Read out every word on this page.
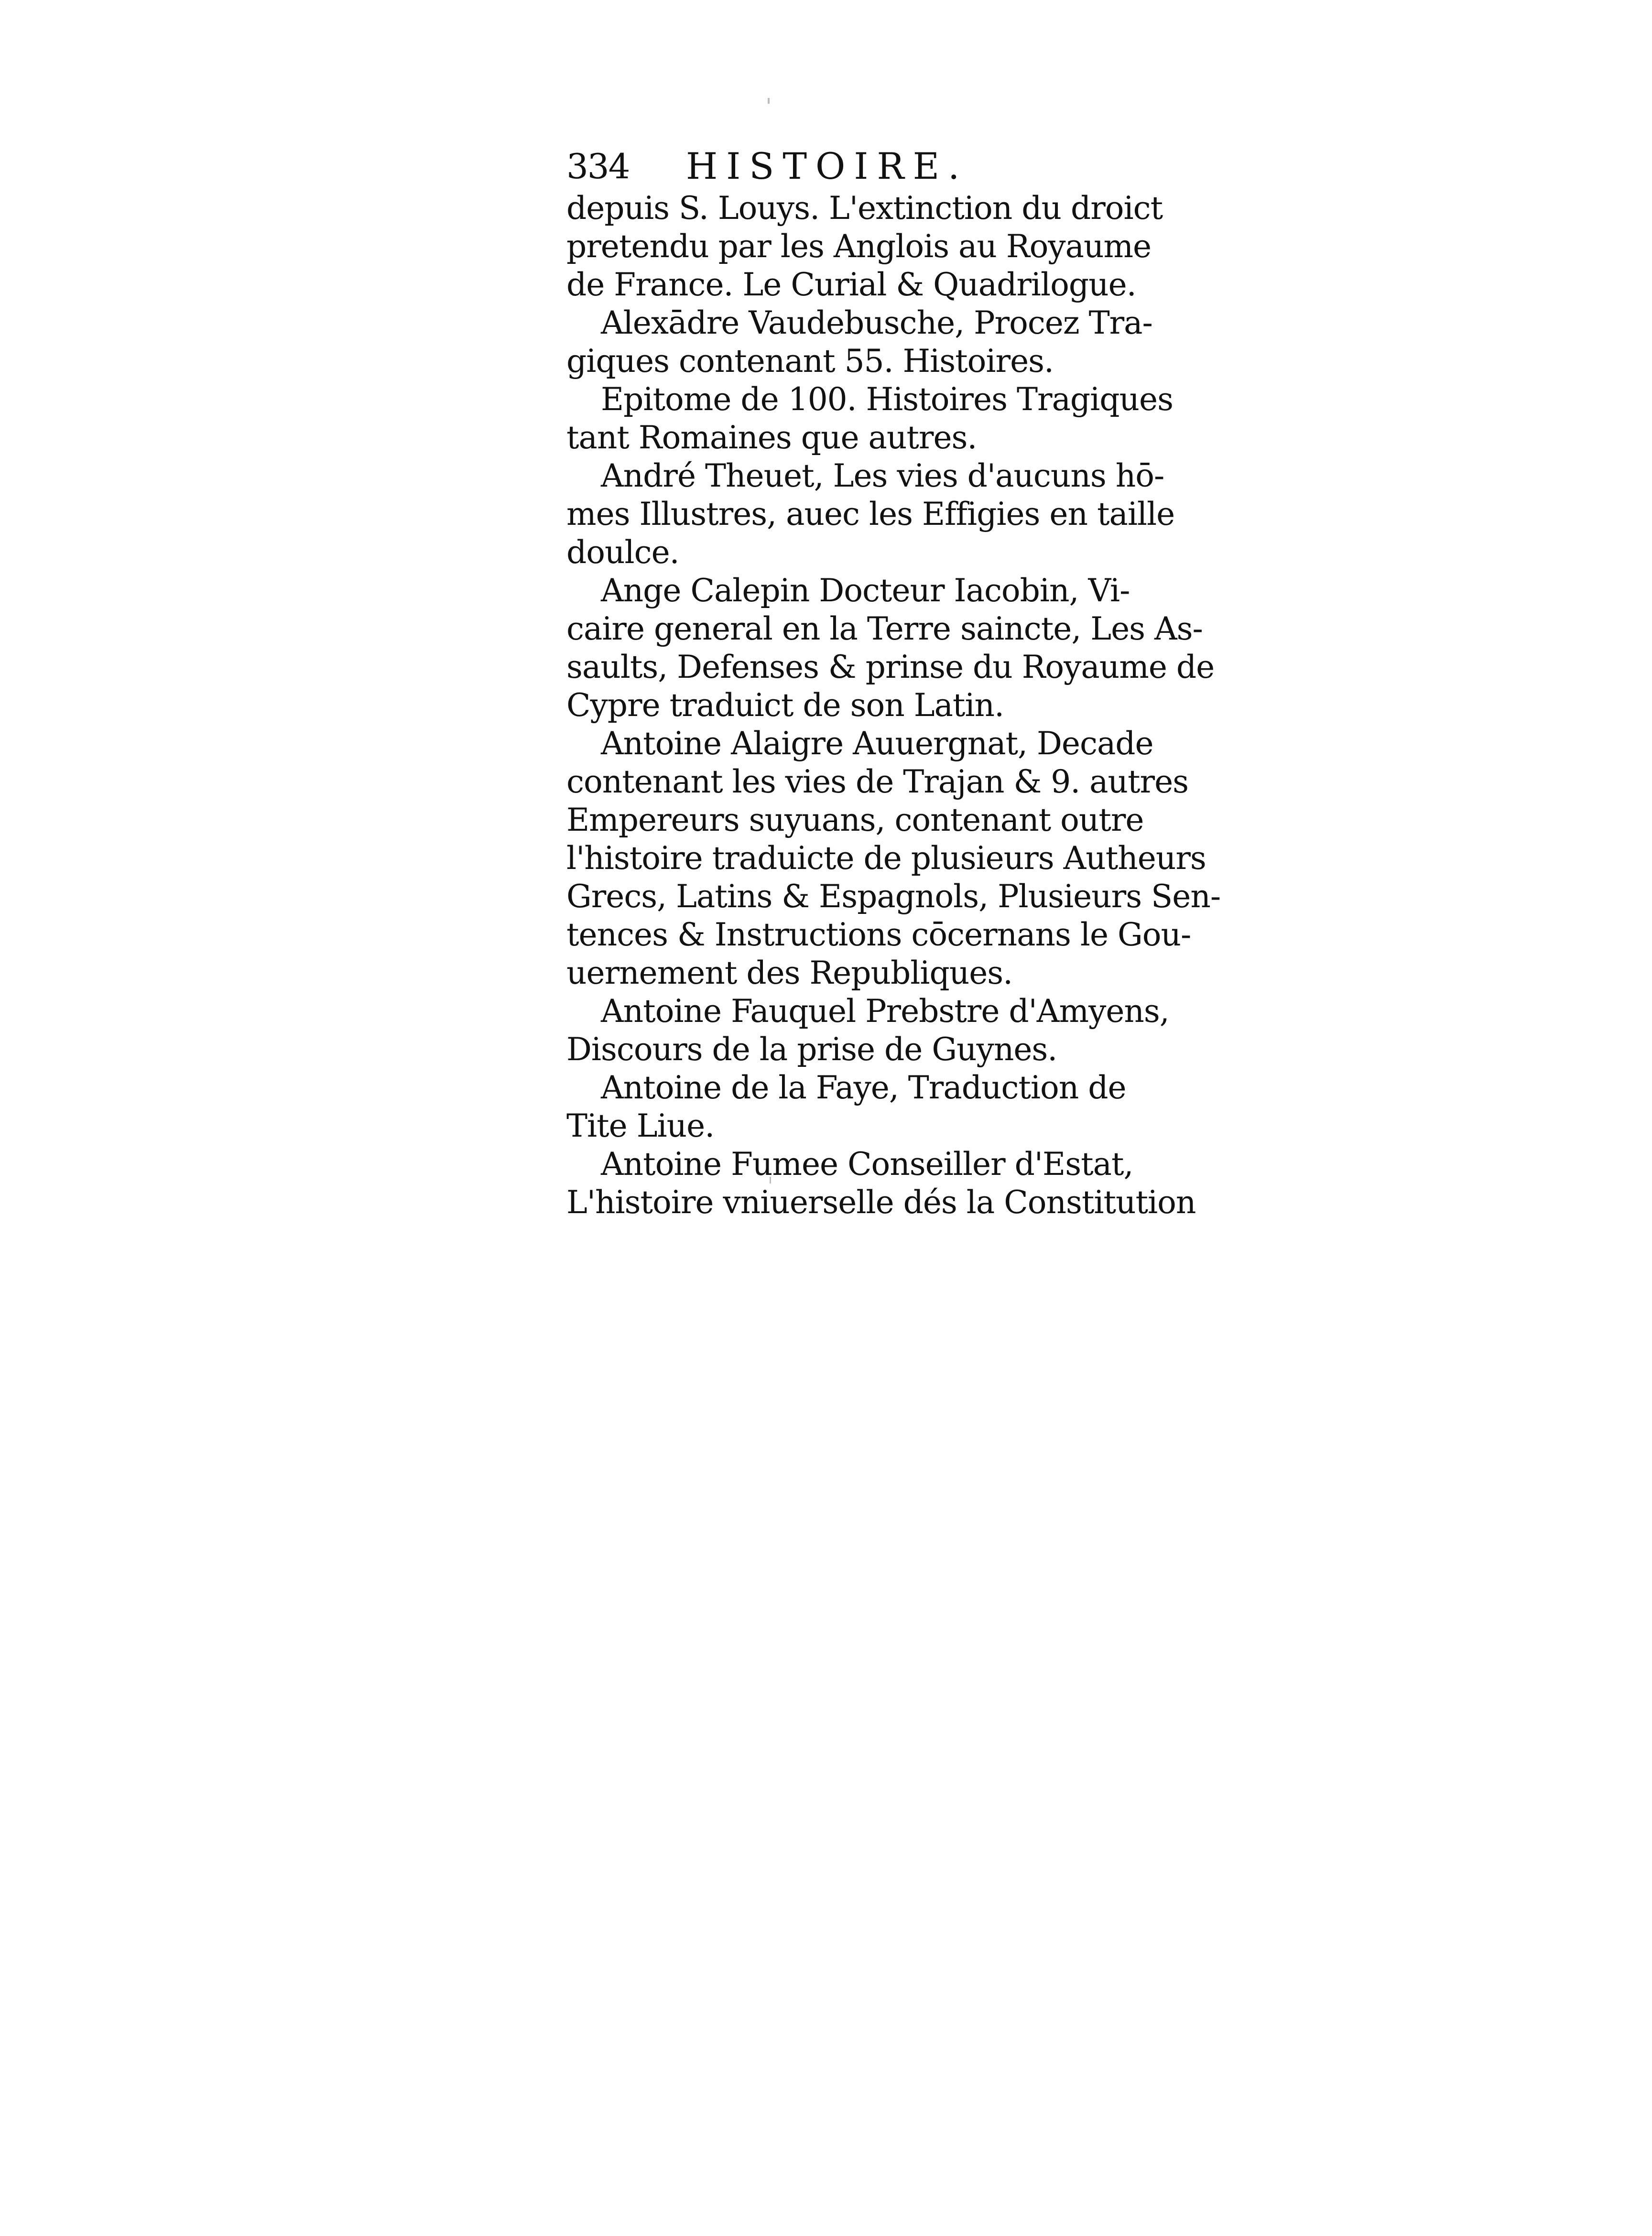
334 HISTOIRE.
depuis S. Louys. L'extinction du droict
pretendu par les Anglois au Royaume
de France. Le Curial & Quadrilogue.
Alexādre Vaudebusche, Procez Tra-
giques contenant 55. Histoires.
Epitome de 100. Histoires Tragiques
tant Romaines que autres.
André Theuet, Les vies d'aucuns hō-
mes Illustres, auec les Effigies en taille
doulce.
Ange Calepin Docteur Iacobin, Vi-
caire general en la Terre saincte, Les As-
saults, Defenses & prinse du Royaume de
Cypre traduict de son Latin.
Antoine Alaigre Auuergnat, Decade
contenant les vies de Trajan & 9. autres
Empereurs suyuans, contenant outre
l'histoire traduicte de plusieurs Autheurs
Grecs, Latins & Espagnols, Plusieurs Sen-
tences & Instructions cōcernans le Gou-
uernement des Republiques.
Antoine Fauquel Prebstre d'Amyens,
Discours de la prise de Guynes.
Antoine de la Faye, Traduction de
Tite Liue.
Antoine Fumee Conseiller d'Estat,
L'histoire vniuerselle dés la Constitution
